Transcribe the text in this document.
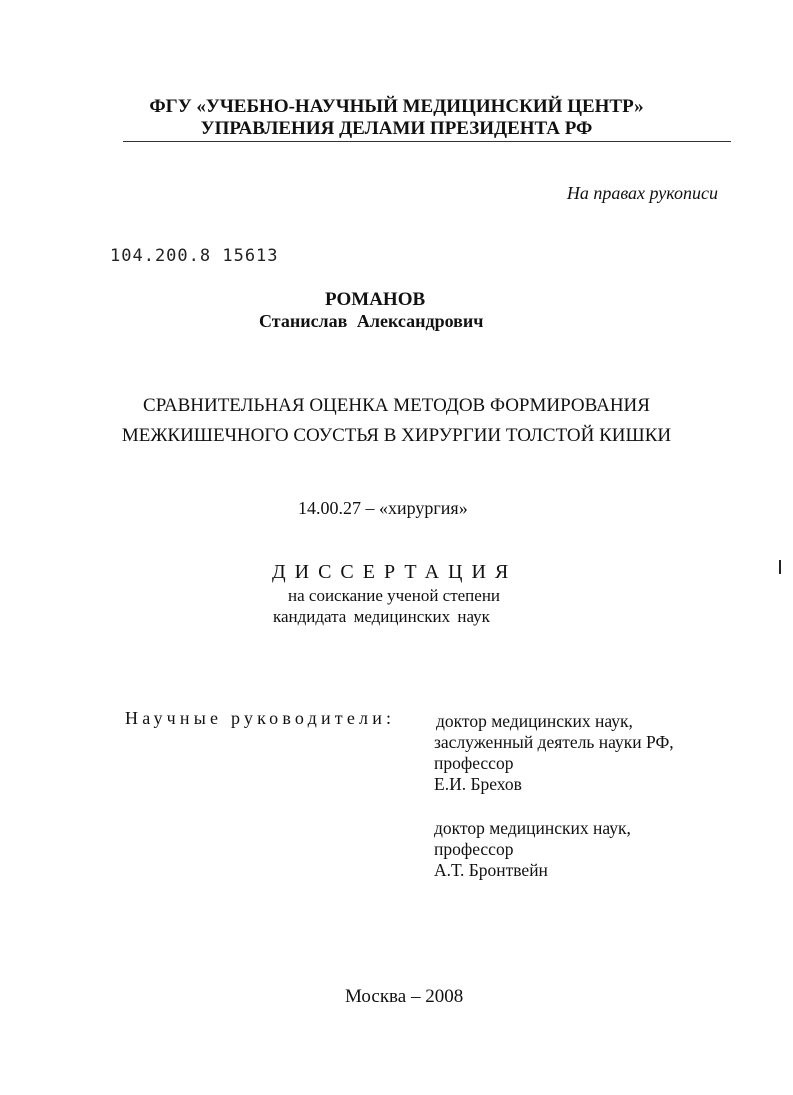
ФГУ «УЧЕБНО-НАУЧНЫЙ МЕДИЦИНСКИЙ ЦЕНТР»
УПРАВЛЕНИЯ ДЕЛАМИ ПРЕЗИДЕНТА РФ
На правах рукописи
104.200.8 15613
РОМАНОВ
Станислав Александрович
СРАВНИТЕЛЬНАЯ ОЦЕНКА МЕТОДОВ ФОРМИРОВАНИЯ
МЕЖКИШЕЧНОГО СОУСТЬЯ В ХИРУРГИИ ТОЛСТОЙ КИШКИ
14.00.27 – «хирургия»
ДИССЕРТАЦИЯ
на соискание ученой степени
кандидата медицинских наук
Научные руководители: доктор медицинских наук,
заслуженный деятель науки РФ,
профессор
Е.И. Брехов
доктор медицинских наук,
профессор
А.Т. Бронтвейн
Москва – 2008
